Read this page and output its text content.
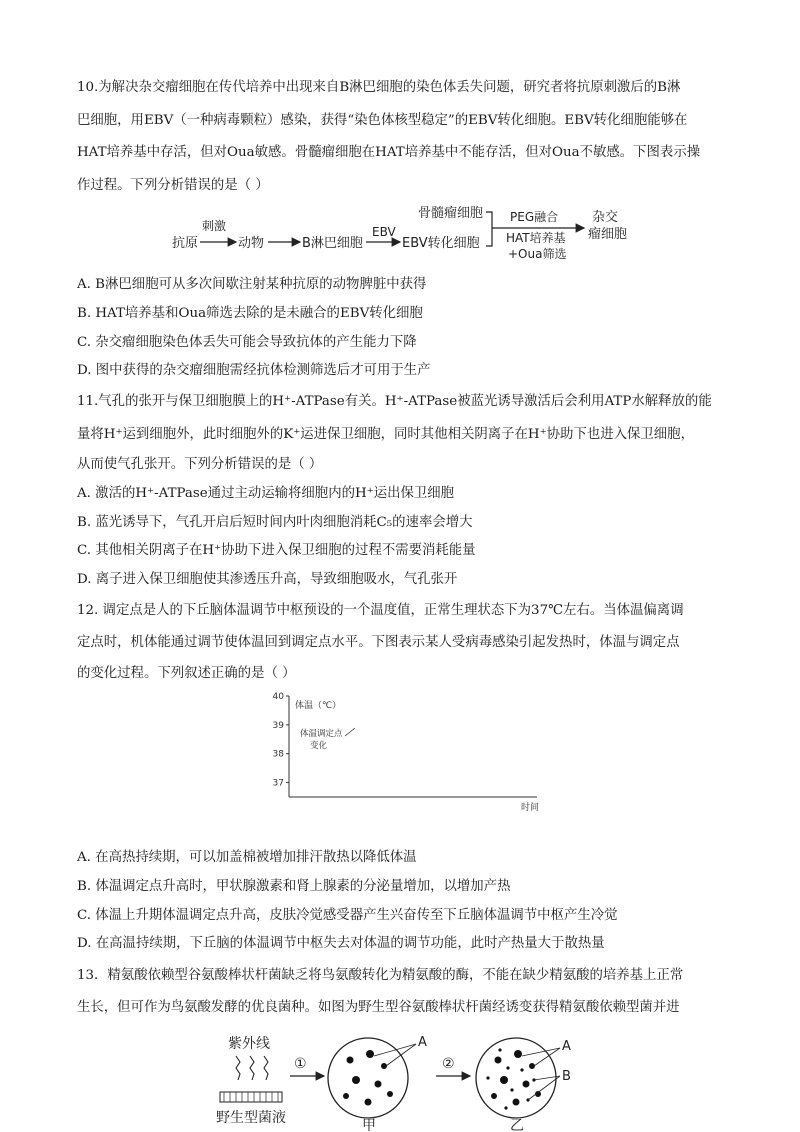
10.为解决杂交瘤细胞在传代培养中出现来自B淋巴细胞的染色体丢失问题，研究者将抗原刺激后的B淋
巴细胞，用EBV（一种病毒颗粒）感染，获得“染色体核型稳定”的EBV转化细胞。EBV转化细胞能够在
HAT培养基中存活，但对Oua敏感。骨髓瘤细胞在HAT培养基中不能存活，但对Oua不敏感。下图表示操
作过程。下列分析错误的是（ ）
抗原
刺激
动物	B淋巴细胞
EBV
EBV转化细胞
骨髓瘤细胞 PEG融合
HAT培养基
+Oua筛选
杂交
瘤细胞
A. B淋巴细胞可从多次间歇注射某种抗原的动物脾脏中获得
B. HAT培养基和Oua筛选去除的是未融合的EBV转化细胞
C. 杂交瘤细胞染色体丢失可能会导致抗体的产生能力下降
D. 图中获得的杂交瘤细胞需经抗体检测筛选后才可用于生产
11.气孔的张开与保卫细胞膜上的H⁺-ATPase有关。H⁺-ATPase被蓝光诱导激活后会利用ATP水解释放的能
量将H⁺运到细胞外，此时细胞外的K⁺运进保卫细胞，同时其他相关阴离子在H⁺协助下也进入保卫细胞，
从而使气孔张开。下列分析错误的是（ ）
A. 激活的H⁺-ATPase通过主动运输将细胞内的H⁺运出保卫细胞
B. 蓝光诱导下，气孔开启后短时间内叶肉细胞消耗C₅的速率会增大
C. 其他相关阴离子在H⁺协助下进入保卫细胞的过程不需要消耗能量
D. 离子进入保卫细胞使其渗透压升高，导致细胞吸水，气孔张开
12. 调定点是人的下丘脑体温调节中枢预设的一个温度值，正常生理状态下为37℃左右。当体温偏离调
定点时，机体能通过调节使体温回到调定点水平。下图表示某人受病毒感染引起发热时，体温与调定点
的变化过程。下列叙述正确的是（ ）
体温（℃）
时间
37
38
39
40
体温调定点
变化
A. 在高热持续期，可以加盖棉被增加排汗散热以降低体温
B. 体温调定点升高时，甲状腺激素和肾上腺素的分泌量增加，以增加产热
C. 体温上升期体温调定点升高，皮肤冷觉感受器产生兴奋传至下丘脑体温调节中枢产生冷觉
D. 在高温持续期，下丘脑的体温调节中枢失去对体温的调节功能，此时产热量大于散热量
13．精氨酸依赖型谷氨酸棒状杆菌缺乏将鸟氨酸转化为精氨酸的酶，不能在缺少精氨酸的培养基上正常
生长，但可作为鸟氨酸发酵的优良菌种。如图为野生型谷氨酸棒状杆菌经诱变获得精氨酸依赖型菌并进
紫外线
野生型菌液
①
A
甲
②
A
B
乙
